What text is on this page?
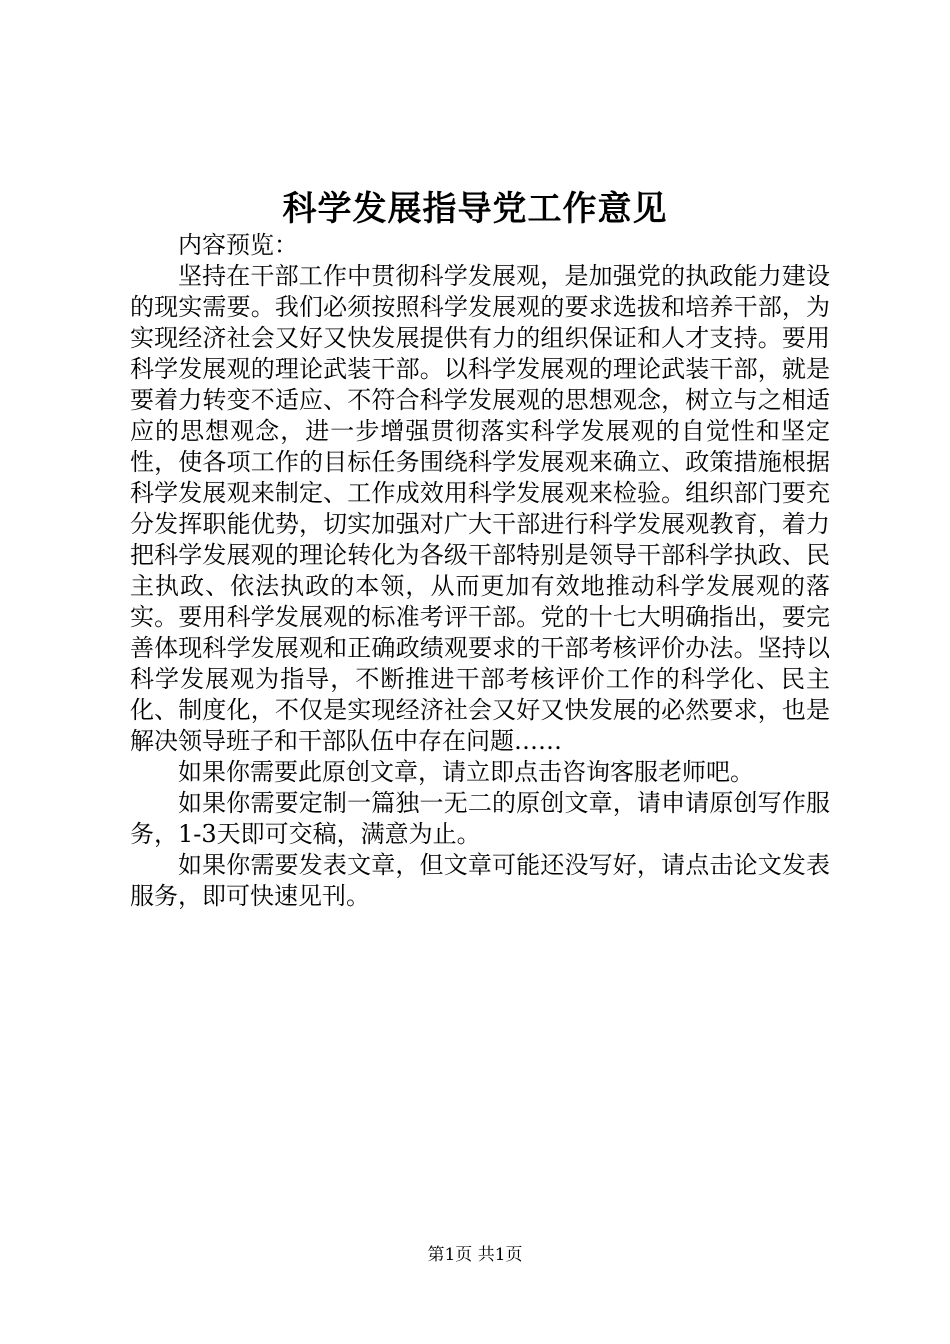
科学发展指导党工作意见

内容预览：

坚持在干部工作中贯彻科学发展观，是加强党的执政能力建设的现实需要。我们必须按照科学发展观的要求选拔和培养干部，为实现经济社会又好又快发展提供有力的组织保证和人才支持。要用科学发展观的理论武装干部。以科学发展观的理论武装干部，就是要着力转变不适应、不符合科学发展观的思想观念，树立与之相适应的思想观念，进一步增强贯彻落实科学发展观的自觉性和坚定性，使各项工作的目标任务围绕科学发展观来确立、政策措施根据科学发展观来制定、工作成效用科学发展观来检验。组织部门要充分发挥职能优势，切实加强对广大干部进行科学发展观教育，着力把科学发展观的理论转化为各级干部特别是领导干部科学执政、民主执政、依法执政的本领，从而更加有效地推动科学发展观的落实。要用科学发展观的标准考评干部。党的十七大明确指出，要完善体现科学发展观和正确政绩观要求的干部考核评价办法。坚持以科学发展观为指导，不断推进干部考核评价工作的科学化、民主化、制度化，不仅是实现经济社会又好又快发展的必然要求，也是解决领导班子和干部队伍中存在问题……

如果你需要此原创文章，请立即点击咨询客服老师吧。

如果你需要定制一篇独一无二的原创文章，请申请原创写作服务，1-3天即可交稿，满意为止。

如果你需要发表文章，但文章可能还没写好，请点击论文发表服务，即可快速见刊。

第1页 共1页
